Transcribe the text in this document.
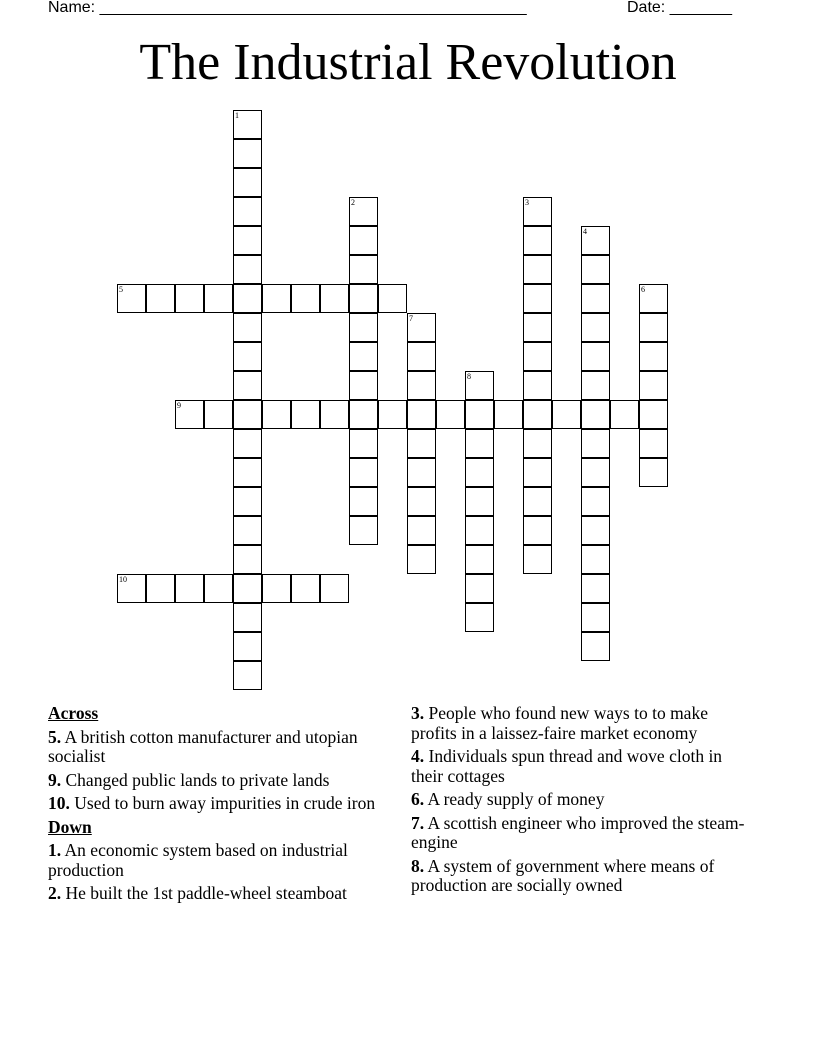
Name: ________________________________________________	Date: _______
The Industrial Revolution
1
2	3
4
5	6
7
8
9
10
Across
5. A british cotton manufacturer and utopian socialist
9. Changed public lands to private lands
10. Used to burn away impurities in crude iron
Down
1. An economic system based on industrial production
2. He built the 1st paddle-wheel steamboat
3. People who found new ways to to make profits in a laissez-faire market economy
4. Individuals spun thread and wove cloth in their cottages
6. A ready supply of money
7. A scottish engineer who improved the steam-engine
8. A system of government where means of production are socially owned
